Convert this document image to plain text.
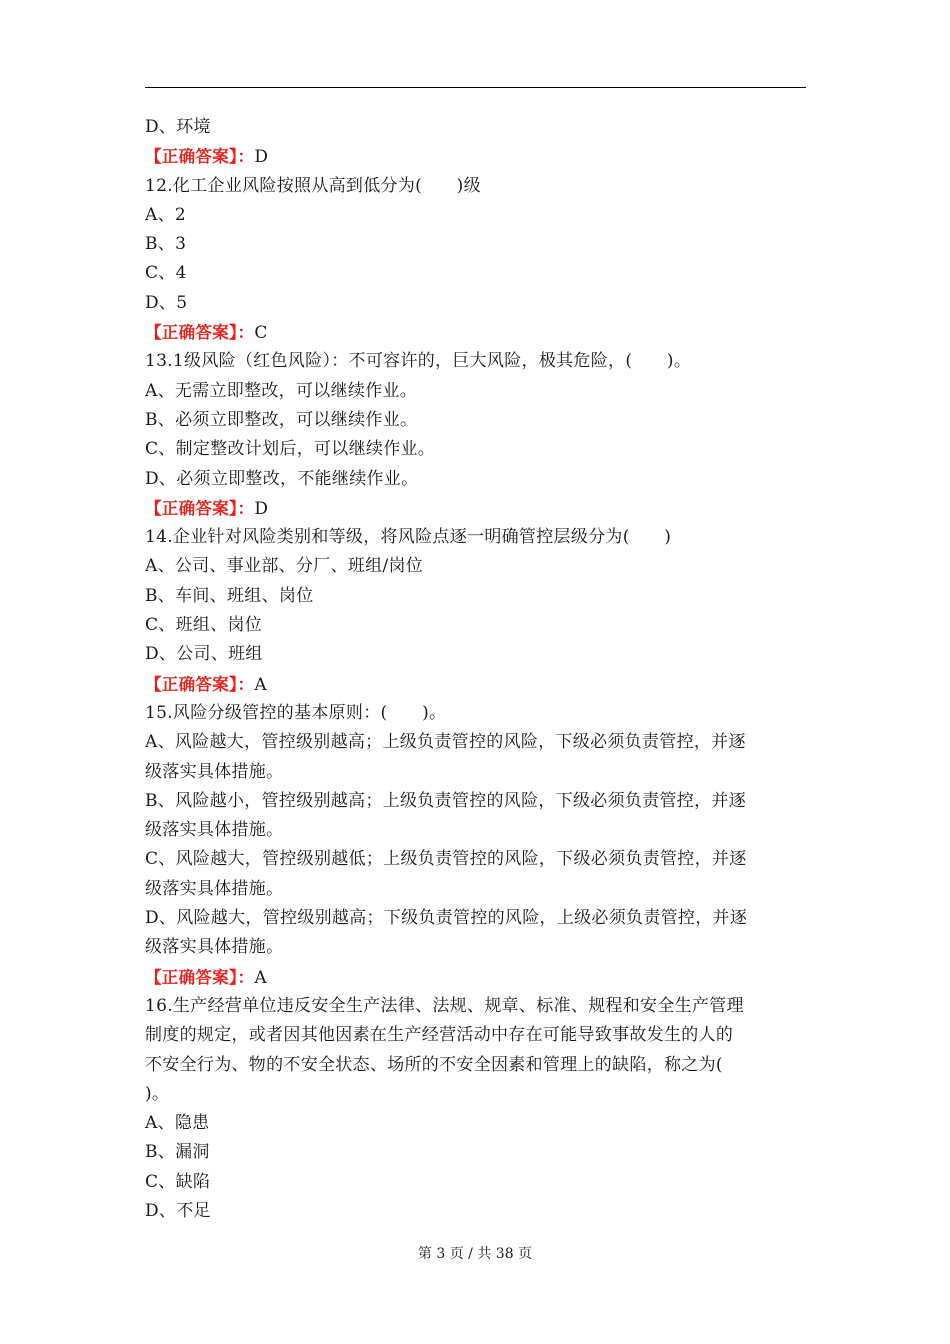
D、环境
【正确答案】：D
12.化工企业风险按照从高到低分为(　　)级
A、2
B、3
C、4
D、5
【正确答案】：C
13.1级风险（红色风险）：不可容许的，巨大风险，极其危险，(　　)。
A、无需立即整改，可以继续作业。
B、必须立即整改，可以继续作业。
C、制定整改计划后，可以继续作业。
D、必须立即整改，不能继续作业。
【正确答案】：D
14.企业针对风险类别和等级，将风险点逐一明确管控层级分为(　　)
A、公司、事业部、分厂、班组/岗位
B、车间、班组、岗位
C、班组、岗位
D、公司、班组
【正确答案】：A
15.风险分级管控的基本原则：(　　)。
A、风险越大，管控级别越高；上级负责管控的风险，下级必须负责管控，并逐
级落实具体措施。
B、风险越小，管控级别越高；上级负责管控的风险，下级必须负责管控，并逐
级落实具体措施。
C、风险越大，管控级别越低；上级负责管控的风险，下级必须负责管控，并逐
级落实具体措施。
D、风险越大，管控级别越高；下级负责管控的风险，上级必须负责管控，并逐
级落实具体措施。
【正确答案】：A
16.生产经营单位违反安全生产法律、法规、规章、标准、规程和安全生产管理
制度的规定，或者因其他因素在生产经营活动中存在可能导致事故发生的人的
不安全行为、物的不安全状态、场所的不安全因素和管理上的缺陷，称之为(
)。
A、隐患
B、漏洞
C、缺陷
D、不足
第 3 页 / 共 38 页
